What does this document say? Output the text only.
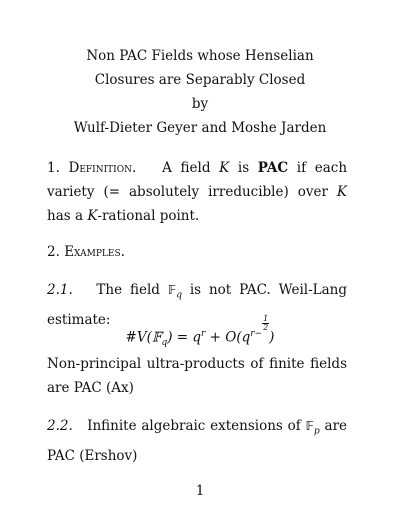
Non PAC Fields whose Henselian
Closures are Separably Closed
by
Wulf-Dieter Geyer and Moshe Jarden
1. Definition. A field K is PAC if each variety (= absolutely irreducible) over K has a K-rational point.
2. Examples.
2.1. The field 𝔽$_q$ is not PAC. Weil-Lang estimate:
#V(𝔽$_q$) = $q^r + O(q^{r- \frac{1}{2}}$
)
Non-principal ultra-products of finite fields are PAC (Ax)
2.2. Infinite algebraic extensions of 𝔽$_p$ are PAC (Ershov)
1
